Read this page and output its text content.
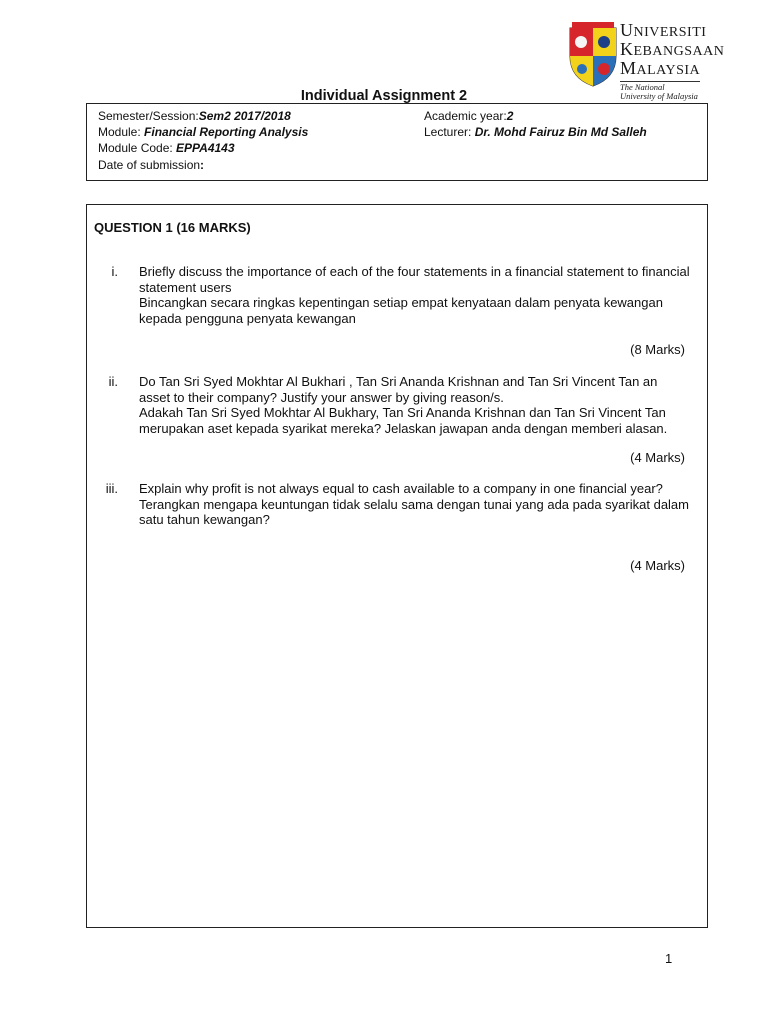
UNIVERSITI
KEBANGSAAN
MALAYSIA
The National University of Malaysia
Individual Assignment 2
Semester/Session:Sem2 2017/2018	Academic year:2
Module: Financial Reporting Analysis	Lecturer: Dr. Mohd Fairuz Bin Md Salleh
Module Code: EPPA4143
Date of submission:
QUESTION 1 (16 MARKS)
i. Briefly discuss the importance of each of the four statements in a financial statement to financial statement users

Bincangkan secara ringkas kepentingan setiap empat kenyataan dalam penyata kewangan kepada pengguna penyata kewangan

(8 Marks)
ii. Do Tan Sri Syed Mokhtar Al Bukhari , Tan Sri Ananda Krishnan and Tan Sri Vincent Tan an asset to their company? Justify your answer by giving reason/s.

Adakah Tan Sri Syed Mokhtar Al Bukhary, Tan Sri Ananda Krishnan dan Tan Sri Vincent Tan merupakan aset kepada syarikat mereka? Jelaskan jawapan anda dengan memberi alasan.

(4 Marks)
iii. Explain why profit is not always equal to cash available to a company in one financial year?

Terangkan mengapa keuntungan tidak selalu sama dengan tunai yang ada pada syarikat dalam satu tahun kewangan?

(4 Marks)
1
